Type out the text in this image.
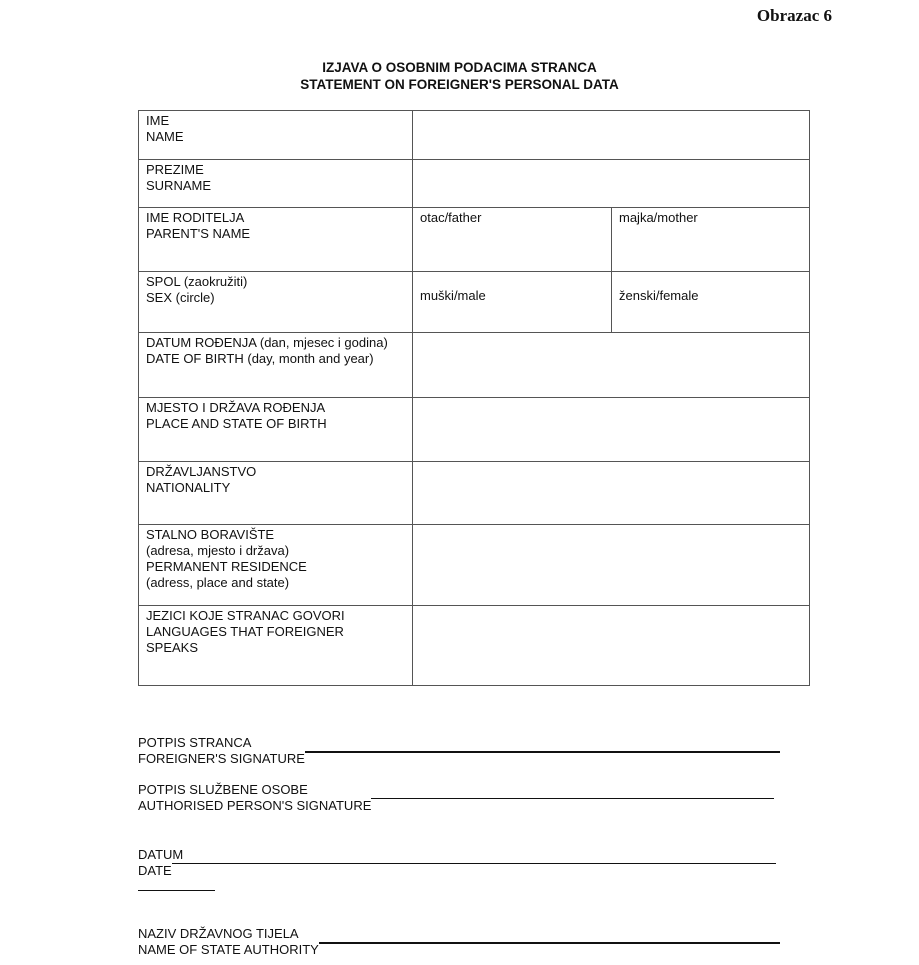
Obrazac 6
IZJAVA O OSOBNIM PODACIMA STRANCA
STATEMENT ON FOREIGNER'S PERSONAL DATA
IME
NAME
PREZIME
SURNAME
IME RODITELJA
PARENT'S NAME
otac/father	majka/mother
SPOL (zaokružiti)
SEX (circle)	muški/male	ženski/female
DATUM ROĐENJA (dan, mjesec i godina)
DATE OF BIRTH (day, month and year)
MJESTO I DRŽAVA ROĐENJA
PLACE AND STATE OF BIRTH
DRŽAVLJANSTVO
NATIONALITY
STALNO BORAVIŠTE
(adresa, mjesto i država)
PERMANENT RESIDENCE
(adress, place and state)
JEZICI KOJE STRANAC GOVORI
LANGUAGES THAT FOREIGNER
SPEAKS
POTPIS STRANCA
FOREIGNER'S SIGNATURE
POTPIS SLUŽBENE OSOBE
AUTHORISED PERSON'S SIGNATURE
DATUM
DATE
NAZIV DRŽAVNOG TIJELA
NAME OF STATE AUTHORITY
